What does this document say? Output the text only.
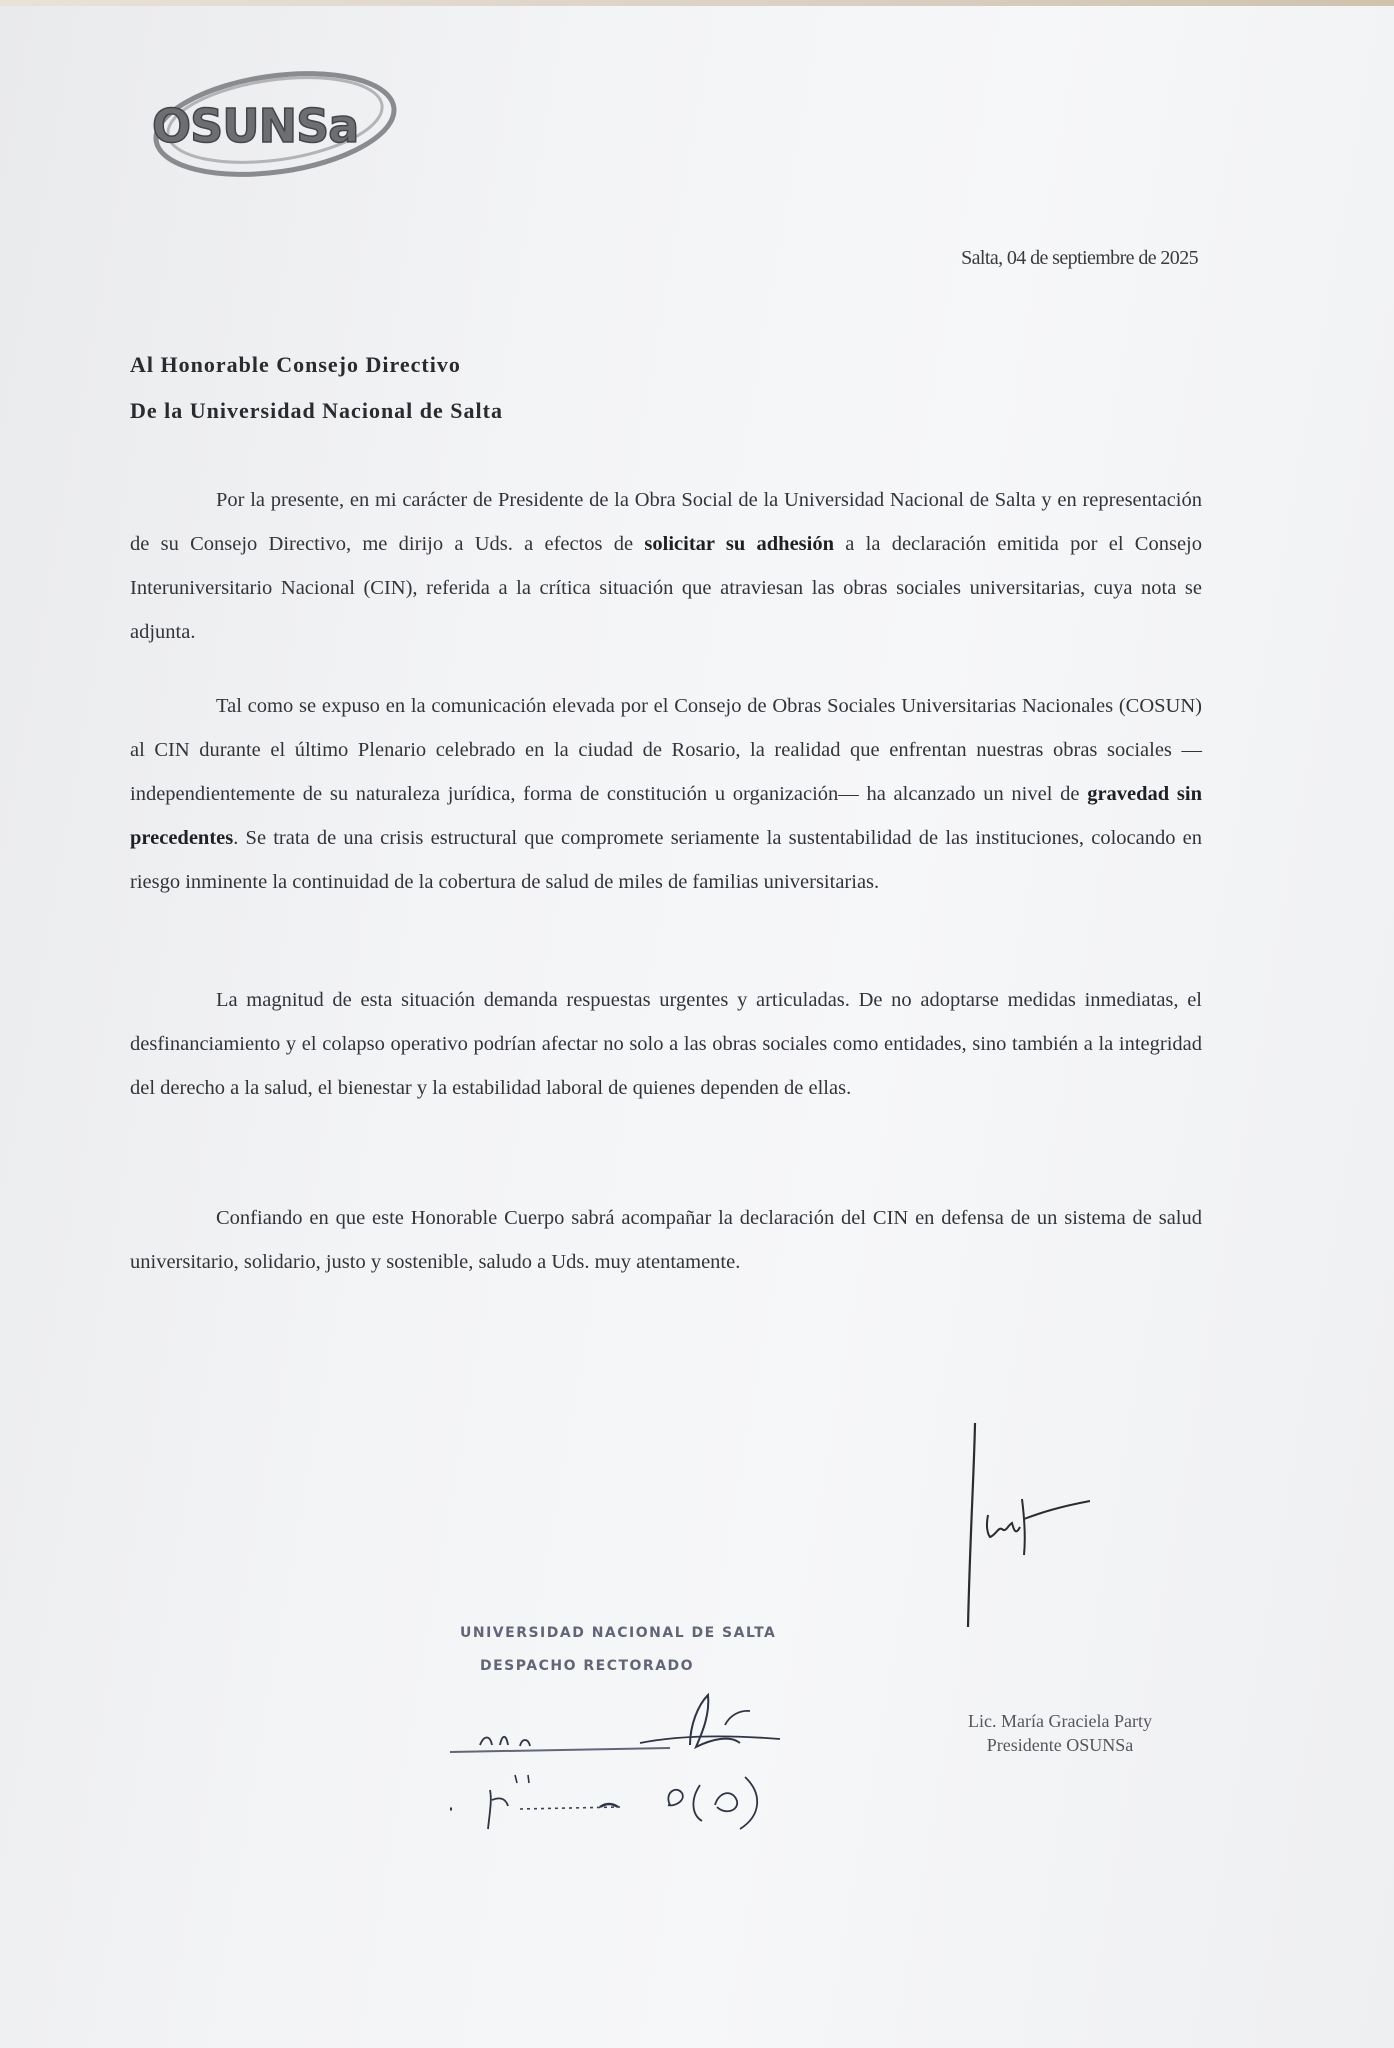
OSUNSa
Salta, 04 de septiembre de 2025
Al Honorable Consejo Directivo
De la Universidad Nacional de Salta

Por la presente, en mi carácter de Presidente de la Obra Social de la Universidad Nacional de Salta y en representación de su Consejo Directivo, me dirijo a Uds. a efectos de solicitar su adhesión a la declaración emitida por el Consejo Interuniversitario Nacional (CIN), referida a la crítica situación que atraviesan las obras sociales universitarias, cuya nota se adjunta.

Tal como se expuso en la comunicación elevada por el Consejo de Obras Sociales Universitarias Nacionales (COSUN) al CIN durante el último Plenario celebrado en la ciudad de Rosario, la realidad que enfrentan nuestras obras sociales —independientemente de su naturaleza jurídica, forma de constitución u organización— ha alcanzado un nivel de gravedad sin precedentes. Se trata de una crisis estructural que compromete seriamente la sustentabilidad de las instituciones, colocando en riesgo inminente la continuidad de la cobertura de salud de miles de familias universitarias.

La magnitud de esta situación demanda respuestas urgentes y articuladas. De no adoptarse medidas inmediatas, el desfinanciamiento y el colapso operativo podrían afectar no solo a las obras sociales como entidades, sino también a la integridad del derecho a la salud, el bienestar y la estabilidad laboral de quienes dependen de ellas.

Confiando en que este Honorable Cuerpo sabrá acompañar la declaración del CIN en defensa de un sistema de salud universitario, solidario, justo y sostenible, saludo a Uds. muy atentamente.

Lic. María Graciela Party
Presidente OSUNSa
UNIVERSIDAD NACIONAL DE SALTA
DESPACHO RECTORADO
